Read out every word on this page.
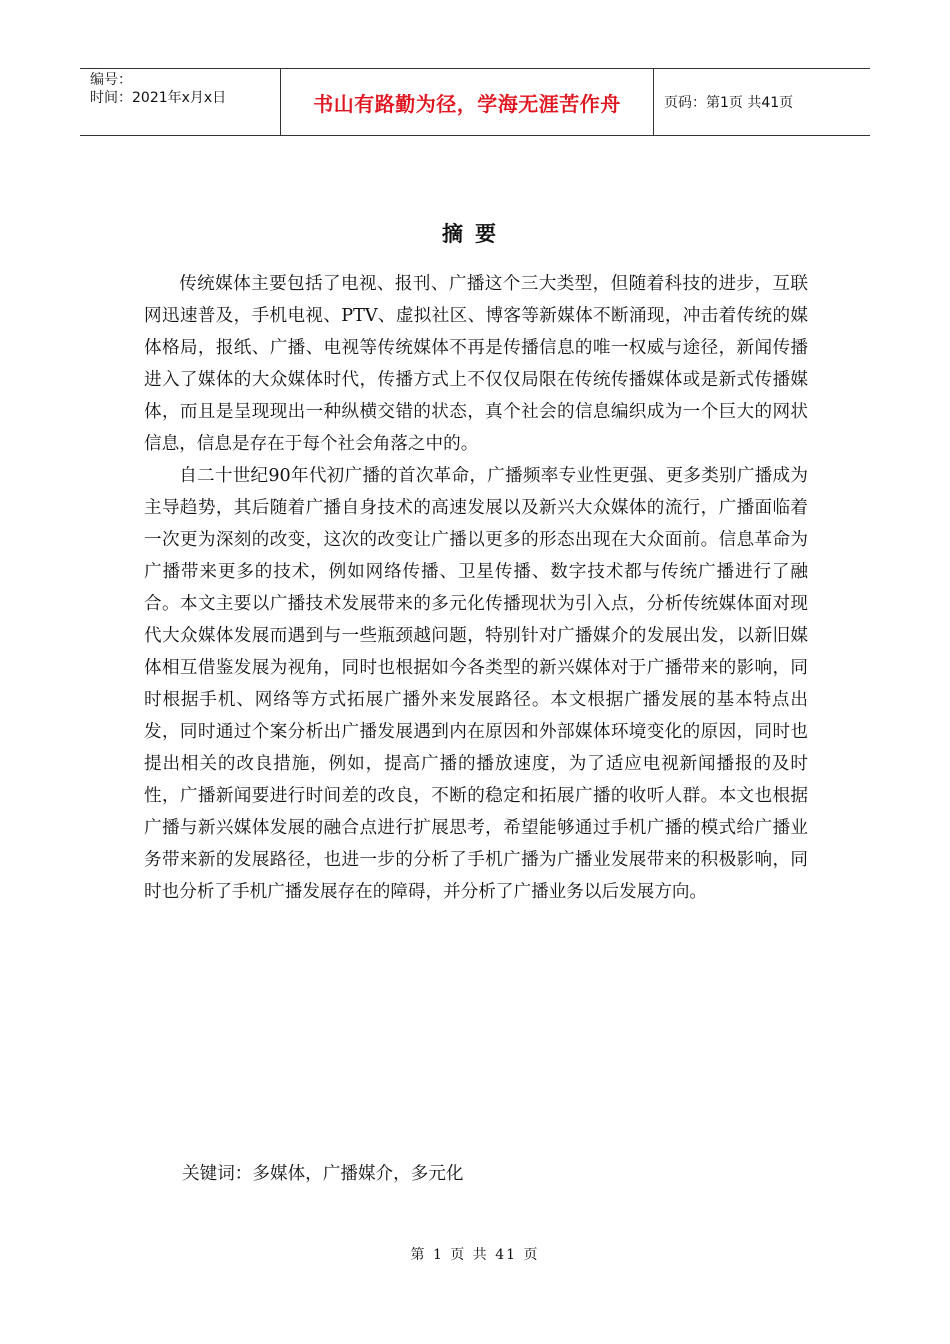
编号：
时间：2021年x月x日	书山有路勤为径，学海无涯苦作舟	页码：第1页 共41页
摘要

传统媒体主要包括了电视、报刊、广播这个三大类型，但随着科技的进步，互联网迅速普及，手机电视、PTV、虚拟社区、博客等新媒体不断涌现，冲击着传统的媒体格局，报纸、广播、电视等传统媒体不再是传播信息的唯一权威与途径，新闻传播进入了媒体的大众媒体时代，传播方式上不仅仅局限在传统传播媒体或是新式传播媒体，而且是呈现现出一种纵横交错的状态，真个社会的信息编织成为一个巨大的网状信息，信息是存在于每个社会角落之中的。

自二十世纪90年代初广播的首次革命，广播频率专业性更强、更多类别广播成为主导趋势，其后随着广播自身技术的高速发展以及新兴大众媒体的流行，广播面临着一次更为深刻的改变，这次的改变让广播以更多的形态出现在大众面前。信息革命为广播带来更多的技术，例如网络传播、卫星传播、数字技术都与传统广播进行了融合。本文主要以广播技术发展带来的多元化传播现状为引入点，分析传统媒体面对现代大众媒体发展而遇到与一些瓶颈越问题，特别针对广播媒介的发展出发，以新旧媒体相互借鉴发展为视角，同时也根据如今各类型的新兴媒体对于广播带来的影响，同时根据手机、网络等方式拓展广播外来发展路径。本文根据广播发展的基本特点出发，同时通过个案分析出广播发展遇到内在原因和外部媒体环境变化的原因，同时也提出相关的改良措施，例如，提高广播的播放速度，为了适应电视新闻播报的及时性，广播新闻要进行时间差的改良，不断的稳定和拓展广播的收听人群。本文也根据广播与新兴媒体发展的融合点进行扩展思考，希望能够通过手机广播的模式给广播业务带来新的发展路径，也进一步的分析了手机广播为广播业发展带来的积极影响，同时也分析了手机广播发展存在的障碍，并分析了广播业务以后发展方向。

关键词：多媒体，广播媒介，多元化
第 1 页 共 41 页
